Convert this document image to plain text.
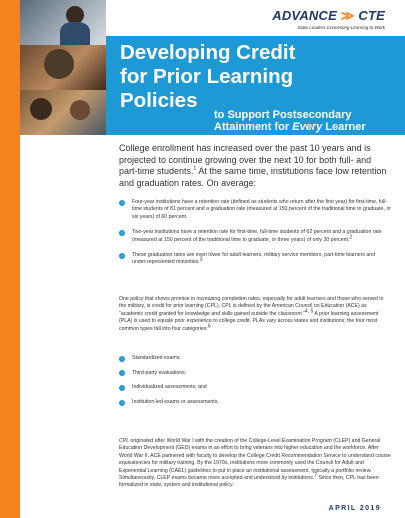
ADVANCE ≫ CTE
State Leaders Connecting Learning to Work
Developing Credit
for Prior Learning
Policies
to Support Postsecondary
Attainment for Every Learner

College enrollment has increased over the past 10 years and is projected to continue growing over the next 10 for both full- and part-time students.$^1$ At the same time, institutions face low retention and graduation rates. On average:

›	Four-year institutions have a retention rate (defined as students who return after the first year) for first-time, full-time students of 81 percent and a graduation rate (measured at 150 percent of the traditional time to graduate, or six years) of 60 percent.
›	Two-year institutions have a retention rate for first-time, full-time students of 62 percent and a graduation rate (measured at 150 percent of the traditional time to graduate, or three years) of only 30 percent.$^2$
›	These graduation rates are even lower for adult learners, military service members, part-time learners and under-represented minorities.$^3$

One policy that shows promise in increasing completion rates, especially for adult learners and those who served in the military, is credit for prior learning (CPL). CPL is defined by the American Council on Education (ACE) as "academic credit granted for knowledge and skills gained outside the classroom."$^{4, 5}$ A prior learning assessment (PLA) is used to equate prior experience to college credit. PLAs vary across states and institutions; the four most common types fall into four categories:$^6$

›	Standardized exams;
›	Third-party evaluations;
›	Individualized assessments; and
›	Institution-led exams or assessments.

CPL originated after World War I with the creation of the College-Level Examination Program (CLEP) and General Education Development (GED) exams in an effort to bring veterans into higher education and the workforce. After World War II, ACE partnered with faculty to develop the College Credit Recommendation Service to understand course equivalencies for military training. By the 1970s, institutions more commonly used the Council for Adult and Experiential Learning (CAEL) guidelines to put in place an institutional assessment, typically a portfolio review. Simultaneously, CLEP exams became more accepted and understood by institutions.$^7$ Since then, CPL has been formalized in state, system and institutional policy.

APRIL 2019
